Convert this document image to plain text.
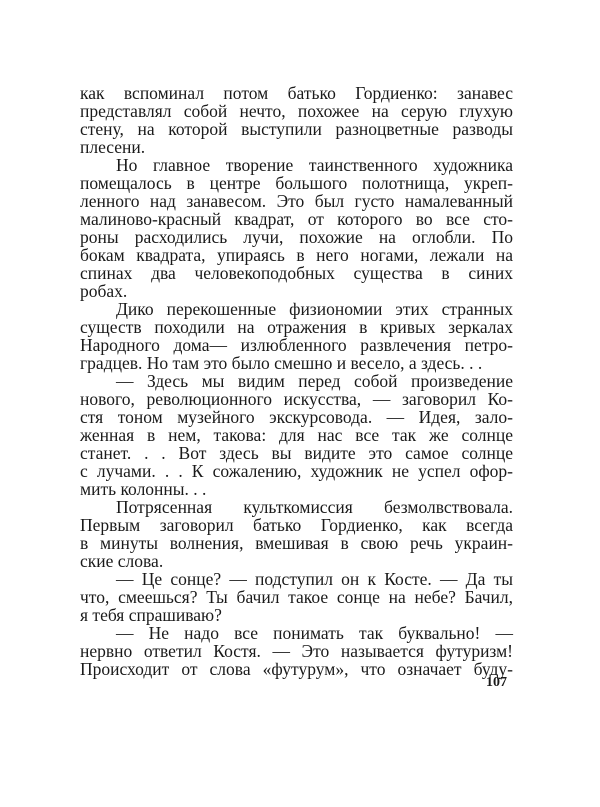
как вспоминал потом батько Гордиенко: занавес
представлял собой нечто, похожее на серую глухую
стену, на которой выступили разноцветные разводы
плесени.
Но главное творение таинственного художника
помещалось в центре большого полотнища, укреп-
ленного над занавесом. Это был густо намалеванный
малиново-красный квадрат, от которого во все сто-
роны расходились лучи, похожие на оглобли. По
бокам квадрата, упираясь в него ногами, лежали на
спинах два человекоподобных существа в синих
робах.
Дико перекошенные физиономии этих странных
существ походили на отражения в кривых зеркалах
Народного дома— излюбленного развлечения петро-
градцев. Но там это было смешно и весело, а здесь. . .
— Здесь мы видим перед собой произведение
нового, революционного искусства, — заговорил Ко-
стя тоном музейного экскурсовода. — Идея, зало-
женная в нем, такова: для нас все так же солнце
станет. . . Вот здесь вы видите это самое солнце
с лучами. . . К сожалению, художник не успел офор-
мить колонны. . .
Потрясенная культкомиссия безмолвствовала.
Первым заговорил батько Гордиенко, как всегда
в минуты волнения, вмешивая в свою речь украин-
ские слова.
— Це сонце? — подступил он к Косте. — Да ты
что, смеешься? Ты бачил такое сонце на небе? Бачил,
я тебя спрашиваю?
— Не надо все понимать так буквально! —
нервно ответил Костя. — Это называется футуризм!
Происходит от слова «футурум», что означает буду-
107
